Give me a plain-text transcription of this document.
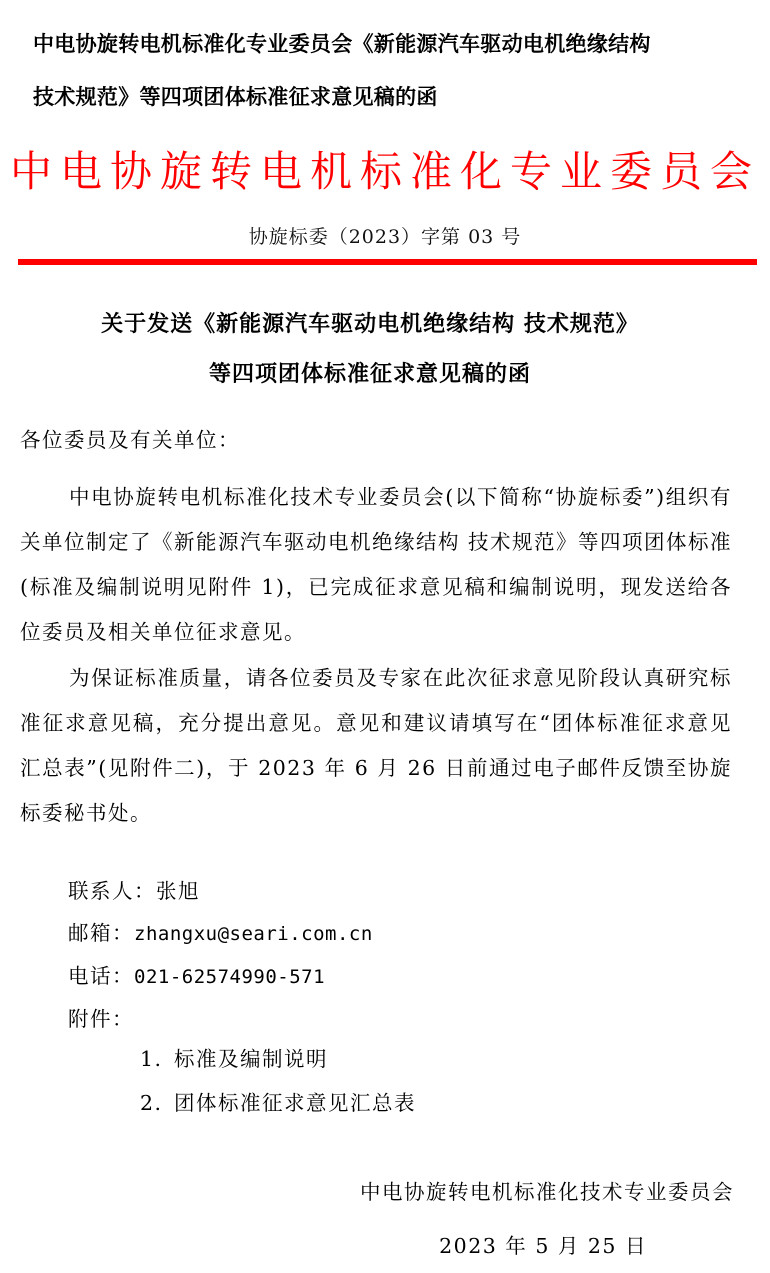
中电协旋转电机标准化专业委员会《新能源汽车驱动电机绝缘结构
技术规范》等四项团体标准征求意见稿的函
中电协旋转电机标准化专业委员会
协旋标委（2023）字第 03 号
关于发送《新能源汽车驱动电机绝缘结构 技术规范》
等四项团体标准征求意见稿的函
各位委员及有关单位：
中电协旋转电机标准化技术专业委员会(以下简称“协旋标委”)组织有关单位制定了《新能源汽车驱动电机绝缘结构 技术规范》等四项团体标准(标准及编制说明见附件 1)，已完成征求意见稿和编制说明，现发送给各位委员及相关单位征求意见。
为保证标准质量，请各位委员及专家在此次征求意见阶段认真研究标准征求意见稿，充分提出意见。意见和建议请填写在“团体标准征求意见汇总表”(见附件二)，于 2023 年 6 月 26 日前通过电子邮件反馈至协旋标委秘书处。
联系人：张旭
邮箱：zhangxu@seari.com.cn
电话：021-62574990-571
附件：
1. 标准及编制说明
2. 团体标准征求意见汇总表
中电协旋转电机标准化技术专业委员会
2023 年 5 月 25 日
